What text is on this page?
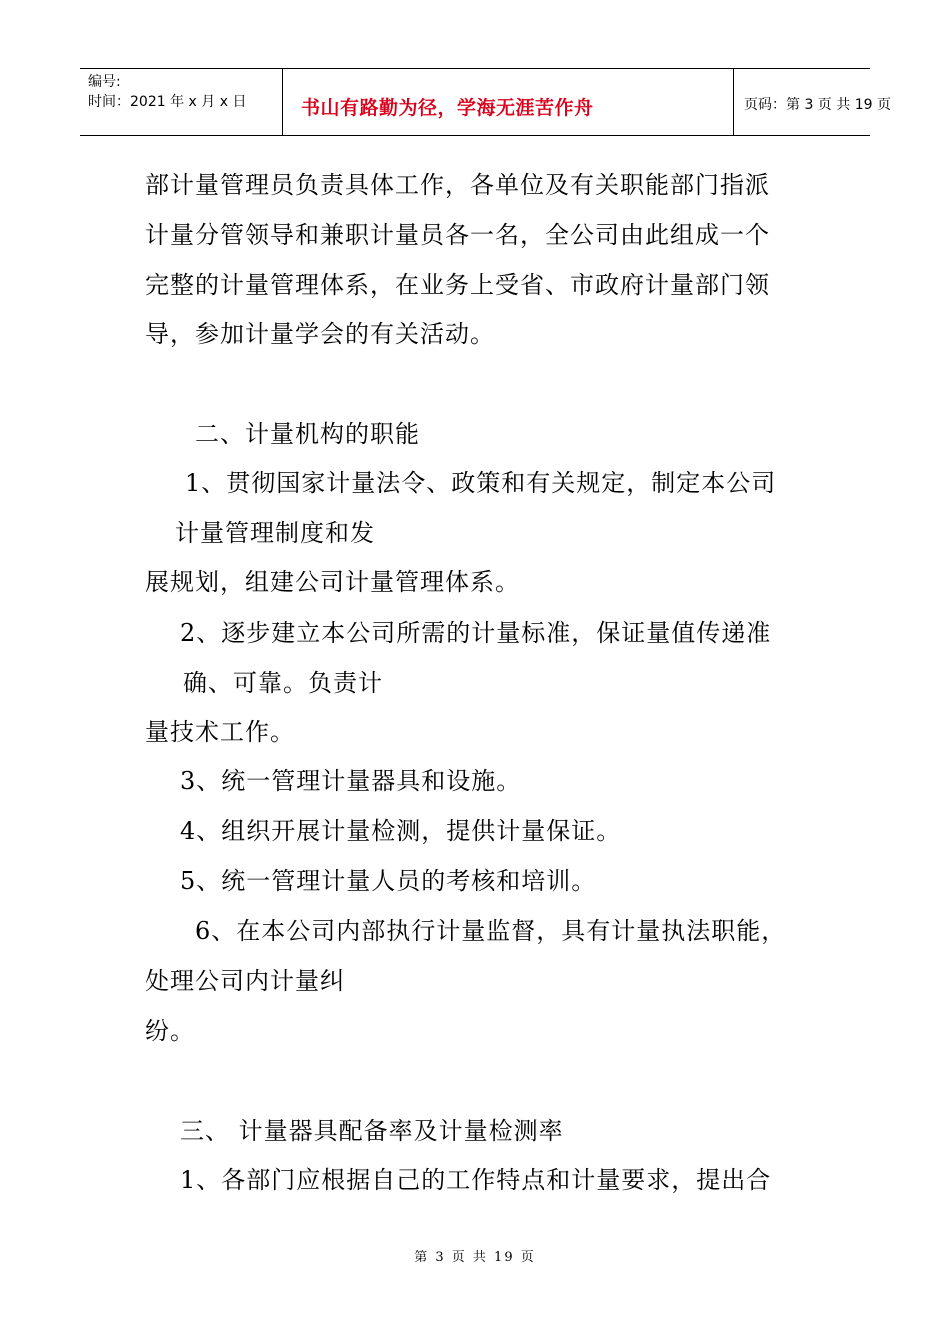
编号:
时间：2021 年 x 月 x 日	书山有路勤为径，学海无涯苦作舟	页码：第 3 页 共 19 页
部计量管理员负责具体工作，各单位及有关职能部门指派
计量分管领导和兼职计量员各一名，全公司由此组成一个
完整的计量管理体系，在业务上受省、市政府计量部门领
导，参加计量学会的有关活动。
二、计量机构的职能
1、贯彻国家计量法令、政策和有关规定，制定本公司
计量管理制度和发
展规划，组建公司计量管理体系。
2、逐步建立本公司所需的计量标准，保证量值传递准
确、可靠。负责计
量技术工作。
3、统一管理计量器具和设施。
4、组织开展计量检测，提供计量保证。
5、统一管理计量人员的考核和培训。
6、在本公司内部执行计量监督，具有计量执法职能，
处理公司内计量纠
纷。
三、 计量器具配备率及计量检测率
1、各部门应根据自己的工作特点和计量要求，提出合
第 3 页 共 19 页
